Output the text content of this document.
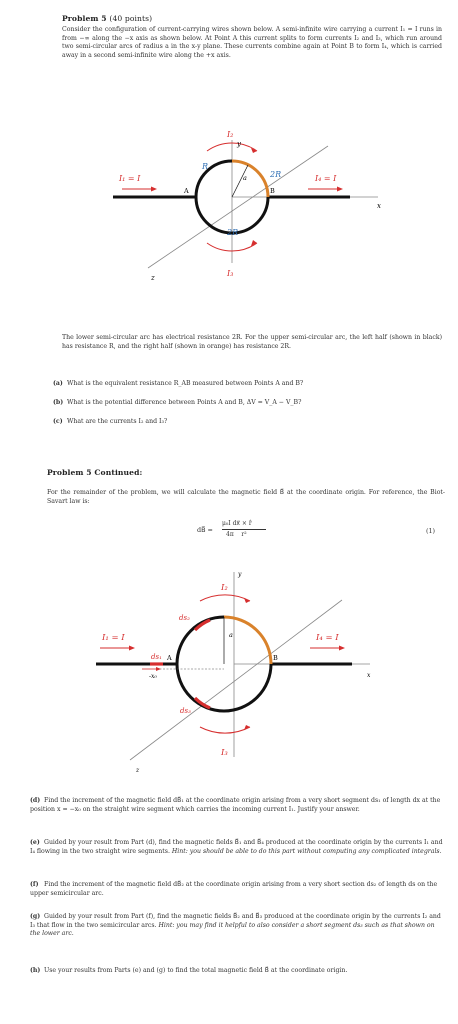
Problem 5 (40 points)
Consider the configuration of current-carrying wires shown below. A semi-infinite wire carrying a current I₁ = I runs in from −∞ along the −x axis as shown below. At Point A this current splits to form currents I₂ and I₃, which run around two semi-circular arcs of radius a in the x-y plane. These currents combine again at Point B to form I₄, which is carried away in a second semi-infinite wire along the +x axis.
y
x
z
I₁ = I	I₄ = I
I₂
I₃
a
R
2R
2R
A	B
The lower semi-circular arc has electrical resistance 2R. For the upper semi-circular arc, the left half (shown in black) has resistance R, and the right half (shown in orange) has resistance 2R.
(a) What is the equivalent resistance R_AB measured between Points A and B?
(b) What is the potential difference between Points A and B, ΔV = V_A − V_B?
(c) What are the currents I₂ and I₃?
Problem 5 Continued:
For the remainder of the problem, we will calculate the magnetic field B⃗ at the coordinate origin. For reference, the Biot-Savart law is:
dB⃗ =
μ₀I dx⃗ × r̂
4π    r²	(1)
y
x
z
I₁ = I	I₄ = I
I₂
I₃
a
ds₁
ds₂
ds₃
-x₀
A	B
(d) Find the increment of the magnetic field dB⃗₁ at the coordinate origin arising from a very short segment ds₁ of length dx at the position x = −x₀ on the straight wire segment which carries the incoming current I₁. Justify your answer.
(e) Guided by your result from Part (d), find the magnetic fields B⃗₁ and B⃗₄ produced at the coordinate origin by the currents I₁ and I₄ flowing in the two straight wire segments. Hint: you should be able to do this part without computing any complicated integrals.
(f) Find the increment of the magnetic field dB⃗₂ at the coordinate origin arising from a very short section ds₂ of length ds on the upper semicircular arc.
(g) Guided by your result from Part (f), find the magnetic fields B⃗₂ and B⃗₃ produced at the coordinate origin by the currents I₂ and I₃ that flow in the two semicircular arcs. Hint: you may find it helpful to also consider a short segment ds₃ such as that shown on the lower arc.
(h) Use your results from Parts (e) and (g) to find the total magnetic field B⃗ at the coordinate origin.
